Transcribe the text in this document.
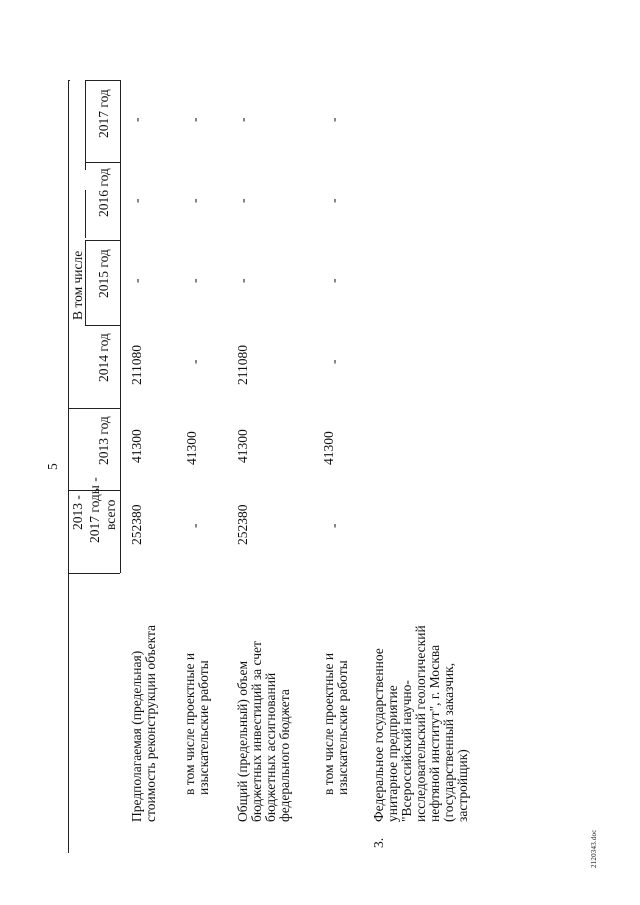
5
2013 - 2017 годы - всего
2013 год
2014 год
В том числе 2015 год
2016 год
2017 год
Предполагаемая (предельная) стоимость реконструкции объекта
252380
41300
211080
-
-
-
в том числе проектные и изыскательские работы
-
41300
-
-
-
-
Общий (предельный) объем бюджетных инвестиций за счет бюджетных ассигнований федерального бюджета
252380
41300
211080
-
-
-
в том числе проектные и изыскательские работы
-
41300
-
-
-
-
3.
Федеральное государственное унитарное предприятие "Всероссийский научно- исследовательский геологический нефтяной институт", г. Москва (государственный заказчик, застройщик)
2120343.doc
